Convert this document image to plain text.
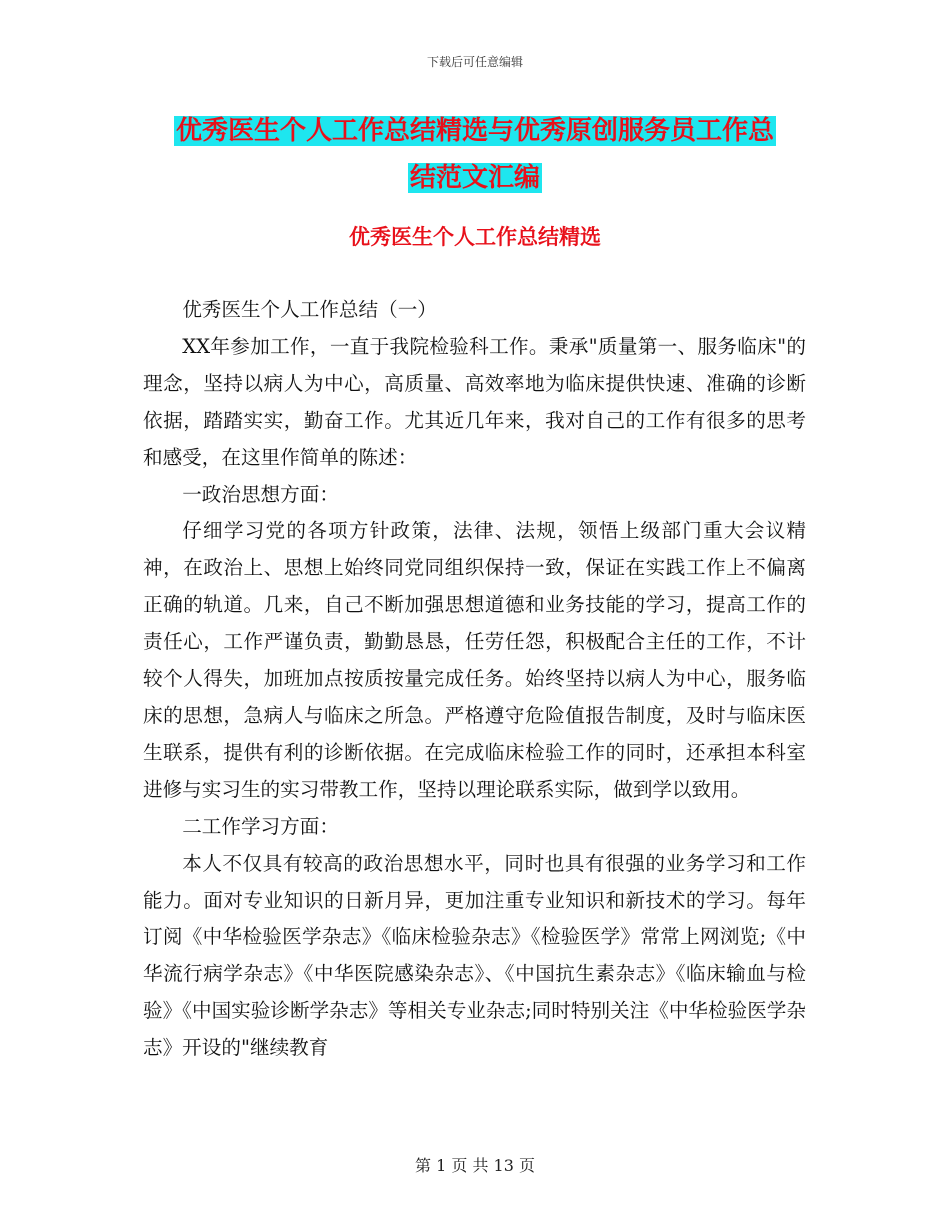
下载后可任意编辑
优秀医生个人工作总结精选与优秀原创服务员工作总
结范文汇编
优秀医生个人工作总结精选

优秀医生个人工作总结（一）

XX年参加工作，一直于我院检验科工作。秉承"质量第一、服务临床"的理念，坚持以病人为中心，高质量、高效率地为临床提供快速、准确的诊断依据，踏踏实实，勤奋工作。尤其近几年来，我对自己的工作有很多的思考和感受，在这里作简单的陈述：

一政治思想方面：

仔细学习党的各项方针政策，法律、法规，领悟上级部门重大会议精神，在政治上、思想上始终同党同组织保持一致，保证在实践工作上不偏离正确的轨道。几来，自己不断加强思想道德和业务技能的学习，提高工作的责任心，工作严谨负责，勤勤恳恳，任劳任怨，积极配合主任的工作，不计较个人得失，加班加点按质按量完成任务。始终坚持以病人为中心，服务临床的思想，急病人与临床之所急。严格遵守危险值报告制度，及时与临床医生联系，提供有利的诊断依据。在完成临床检验工作的同时，还承担本科室进修与实习生的实习带教工作，坚持以理论联系实际，做到学以致用。

二工作学习方面：

本人不仅具有较高的政治思想水平，同时也具有很强的业务学习和工作能力。面对专业知识的日新月异，更加注重专业知识和新技术的学习。每年订阅《中华检验医学杂志》《临床检验杂志》《检验医学》常常上网浏览;《中华流行病学杂志》《中华医院感染杂志》、《中国抗生素杂志》《临床输血与检验》《中国实验诊断学杂志》等相关专业杂志;同时特别关注《中华检验医学杂志》开设的"继续教育

第 1 页 共 13 页
